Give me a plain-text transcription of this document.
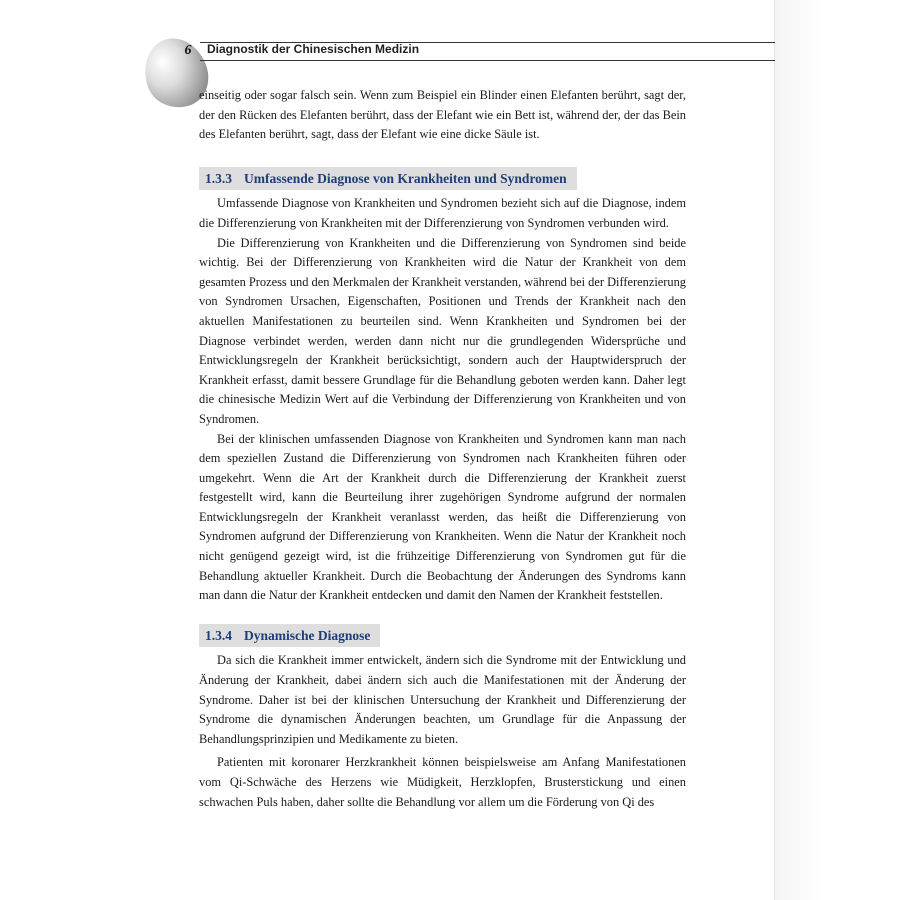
6	Diagnostik der Chinesischen Medizin

einseitig oder sogar falsch sein. Wenn zum Beispiel ein Blinder einen Elefanten berührt, sagt der, der den Rücken des Elefanten berührt, dass der Elefant wie ein Bett ist, während der, der das Bein des Elefanten berührt, sagt, dass der Elefant wie eine dicke Säule ist.

1.3.3 Umfassende Diagnose von Krankheiten und Syndromen

Umfassende Diagnose von Krankheiten und Syndromen bezieht sich auf die Diagnose, indem die Differenzierung von Krankheiten mit der Differenzierung von Syndromen verbunden wird.

Die Differenzierung von Krankheiten und die Differenzierung von Syndromen sind beide wichtig. Bei der Differenzierung von Krankheiten wird die Natur der Krankheit von dem gesamten Prozess und den Merkmalen der Krankheit verstanden, während bei der Differenzierung von Syndromen Ursachen, Eigenschaften, Positionen und Trends der Krankheit nach den aktuellen Manifestationen zu beurteilen sind. Wenn Krankheiten und Syndromen bei der Diagnose verbindet werden, werden dann nicht nur die grundlegenden Widersprüche und Entwicklungsregeln der Krankheit berücksichtigt, sondern auch der Hauptwiderspruch der Krankheit erfasst, damit bessere Grundlage für die Behandlung geboten werden kann. Daher legt die chinesische Medizin Wert auf die Verbindung der Differenzierung von Krankheiten und von Syndromen.

Bei der klinischen umfassenden Diagnose von Krankheiten und Syndromen kann man nach dem speziellen Zustand die Differenzierung von Syndromen nach Krankheiten führen oder umgekehrt. Wenn die Art der Krankheit durch die Differenzierung der Krankheit zuerst festgestellt wird, kann die Beurteilung ihrer zugehörigen Syndrome aufgrund der normalen Entwicklungsregeln der Krankheit veranlasst werden, das heißt die Differenzierung von Syndromen aufgrund der Differenzierung von Krankheiten. Wenn die Natur der Krankheit noch nicht genügend gezeigt wird, ist die frühzeitige Differenzierung von Syndromen gut für die Behandlung aktueller Krankheit. Durch die Beobachtung der Änderungen des Syndroms kann man dann die Natur der Krankheit entdecken und damit den Namen der Krankheit feststellen.

1.3.4 Dynamische Diagnose

Da sich die Krankheit immer entwickelt, ändern sich die Syndrome mit der Entwicklung und Änderung der Krankheit, dabei ändern sich auch die Manifestationen mit der Änderung der Syndrome. Daher ist bei der klinischen Untersuchung der Krankheit und Differenzierung der Syndrome die dynamischen Änderungen beachten, um Grundlage für die Anpassung der Behandlungsprinzipien und Medikamente zu bieten.

Patienten mit koronarer Herzkrankheit können beispielsweise am Anfang Manifestationen vom Qi-Schwäche des Herzens wie Müdigkeit, Herzklopfen, Brusterstickung und einen schwachen Puls haben, daher sollte die Behandlung vor allem um die Förderung von Qi des
